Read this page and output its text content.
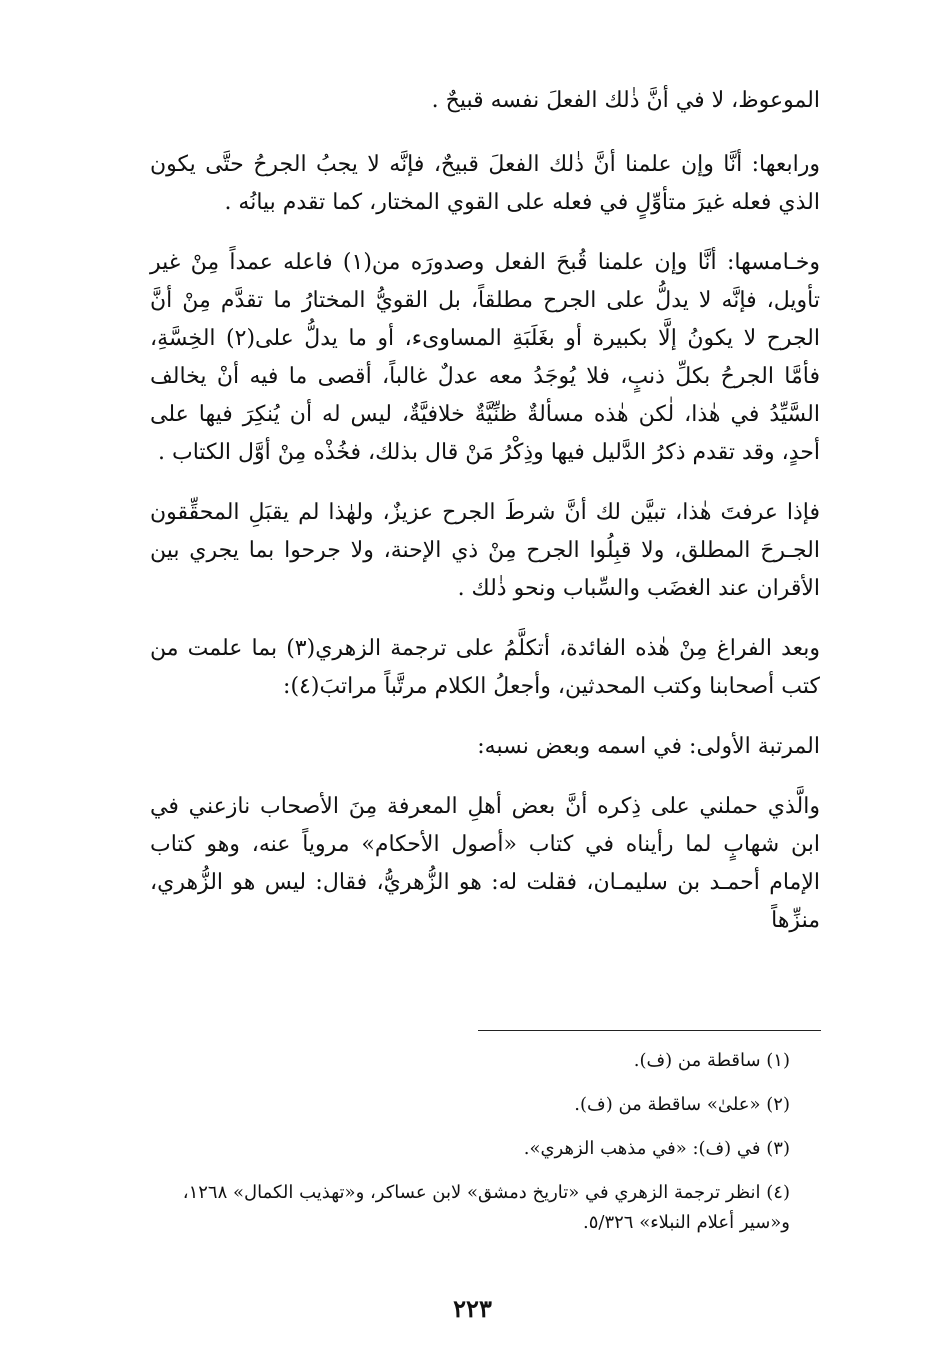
الموعوظ، لا في أنَّ ذٰلك الفعلَ نفسه قبيحٌ .

ورابعها: أنَّا وإن علمنا أنَّ ذٰلك الفعلَ قبيحٌ، فإنَّه لا يجبُ الجرحُ حتَّى يكون الذي فعله غيرَ متأوِّلٍ في فعله على القوي المختار، كما تقدم بيانُه .

وخـامسها: أنَّا وإن علمنا قُبحَ الفعل وصدورَه من(١) فاعله عمداً مِنْ غير تأويل، فإنَّه لا يدلُّ على الجرح مطلقاً، بل القويُّ المختارُ ما تقدَّم مِنْ أنَّ الجرح لا يكونُ إلَّا بكبيرة أو بغَلَبَةِ المساوىء، أو ما يدلُّ على(٢) الخِسَّةِ، فأمَّا الجرحُ بكلِّ ذنبٍ، فلا يُوجَدُ معه عدلٌ غالباً، أقصى ما فيه أنْ يخالف السَّيِّدُ في هٰذا، لٰكن هٰذه مسألةٌ ظنِّيَّةٌ خلافيَّةٌ، ليس له أن يُنكِرَ فيها على أحدٍ، وقد تقدم ذكرُ الدَّليل فيها وذِكْرُ مَنْ قال بذلك، فخُذْه مِنْ أوَّل الكتاب .

فإذا عرفتَ هٰذا، تبيَّن لك أنَّ شرطَ الجرح عزيزٌ، ولهٰذا لم يقبَلِ المحقِّقون الجـرحَ المطلق، ولا قبِلُوا الجرح مِنْ ذي الإحنة، ولا جرحوا بما يجري بين الأقران عند الغضَب والسِّباب ونحو ذٰلك .

وبعد الفراغ مِنْ هٰذه الفائدة، أتكلَّمُ على ترجمة الزهري(٣) بما علمت من كتب أصحابنا وكتب المحدثين، وأجعلُ الكلام مرتَّباً مراتبَ(٤):

المرتبة الأولى: في اسمه وبعض نسبه:

والَّذي حملني على ذِكره أنَّ بعض أهلِ المعرفة مِنَ الأصحاب نازعني في ابن شهابٍ لما رأيناه في كتاب «أصول الأحكام» مروياً عنه، وهو كتاب الإمام أحمـد بن سليمـان، فقلت له: هو الزُّهريُّ، فقال: ليس هو الزُّهري، منزِّهاً

(١) ساقطة من (ف).

(٢) «علىٰ» ساقطة من (ف).

(٣) في (ف): «في مذهب الزهري».

(٤) انظر ترجمة الزهري في «تاريخ دمشق» لابن عساكر، و«تهذيب الكمال» ١٢٦٨، و«سير أعلام النبلاء» ٥/٣٢٦.

٢٢٣
